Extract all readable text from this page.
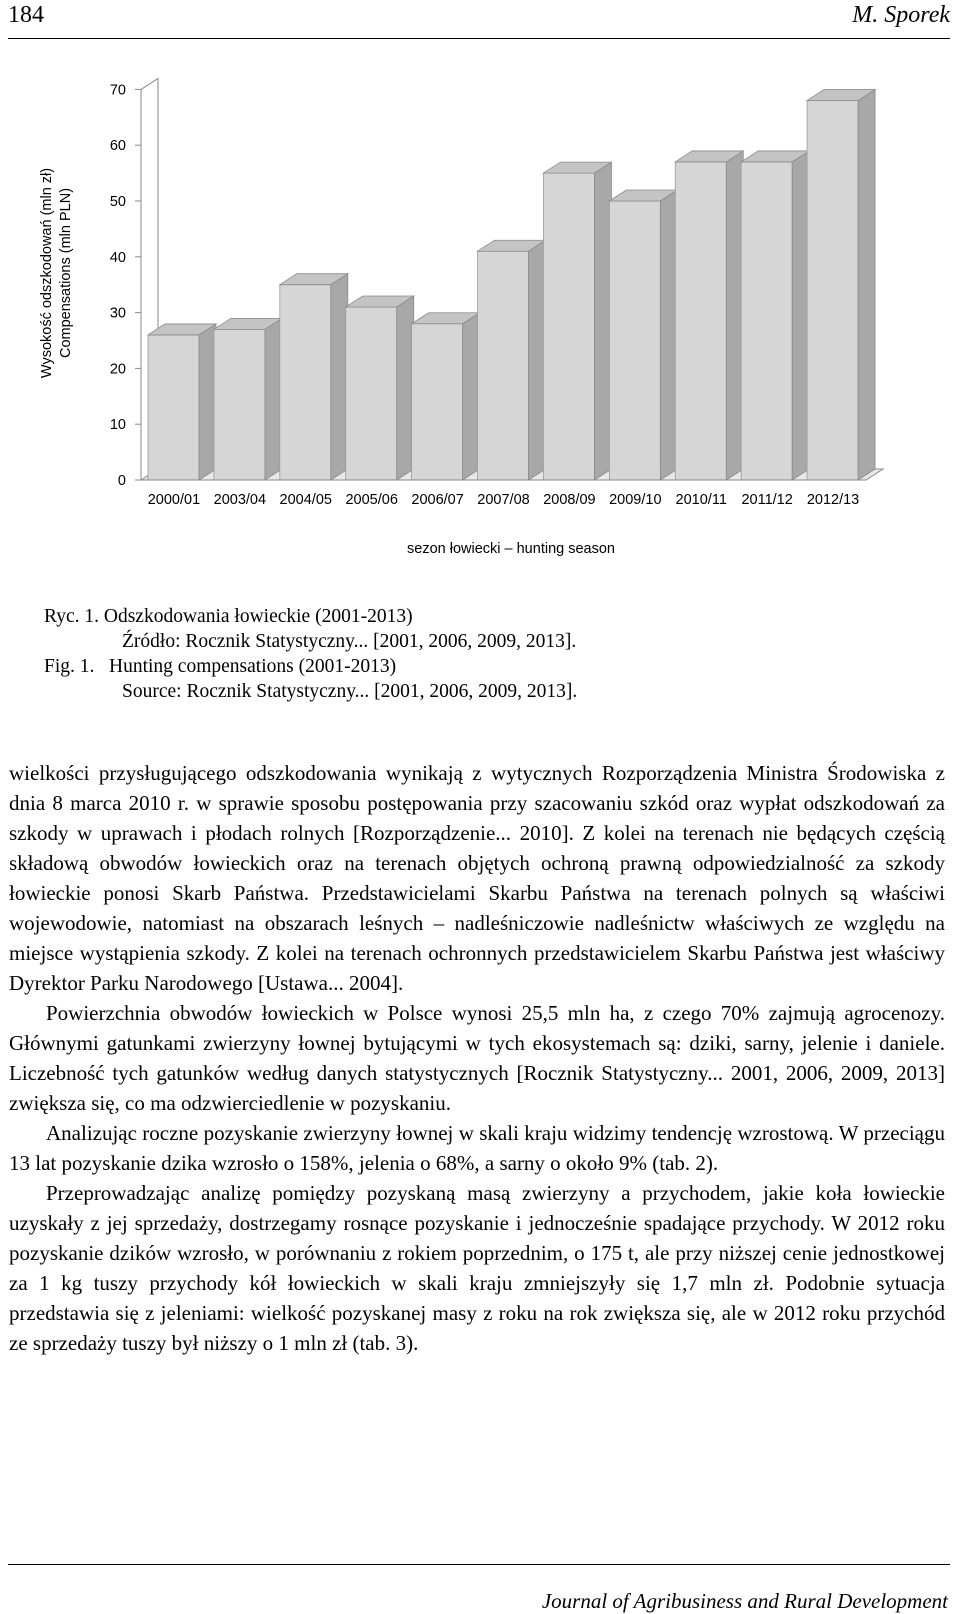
184	M. Sporek
0
10
20
30
40
50
60
70
2000/01 2003/04 2004/05 2005/06 2006/07 2007/08 2008/09 2009/10 2010/11 2011/12 2012/13
Wysokość odszkodowań (mln zł) Compensations (mln PLN)
sezon łowiecki – hunting season
Ryc. 1. Odszkodowania łowieckie (2001-2013)
Źródło: Rocznik Statystyczny... [2001, 2006, 2009, 2013].
Fig. 1. Hunting compensations (2001-2013)
Source: Rocznik Statystyczny... [2001, 2006, 2009, 2013].

wielkości przysługującego odszkodowania wynikają z wytycznych Rozporządzenia Ministra Środowiska z dnia 8 marca 2010 r. w sprawie sposobu postępowania przy szacowaniu szkód oraz wypłat odszkodowań za szkody w uprawach i płodach rolnych [Rozporządzenie... 2010]. Z kolei na terenach nie będących częścią składową obwodów łowieckich oraz na terenach objętych ochroną prawną odpowiedzialność za szkody łowieckie ponosi Skarb Państwa. Przedstawicielami Skarbu Państwa na terenach polnych są właściwi wojewodowie, natomiast na obszarach leśnych – nadleśniczowie nadleśnictw właściwych ze względu na miejsce wystąpienia szkody. Z kolei na terenach ochronnych przedstawicielem Skarbu Państwa jest właściwy Dyrektor Parku Narodowego [Ustawa... 2004].

Powierzchnia obwodów łowieckich w Polsce wynosi 25,5 mln ha, z czego 70% zajmują agrocenozy. Głównymi gatunkami zwierzyny łownej bytującymi w tych ekosystemach są: dziki, sarny, jelenie i daniele. Liczebność tych gatunków według danych statystycznych [Rocznik Statystyczny... 2001, 2006, 2009, 2013] zwiększa się, co ma odzwierciedlenie w pozyskaniu.

Analizując roczne pozyskanie zwierzyny łownej w skali kraju widzimy tendencję wzrostową. W przeciągu 13 lat pozyskanie dzika wzrosło o 158%, jelenia o 68%, a sarny o około 9% (tab. 2).

Przeprowadzając analizę pomiędzy pozyskaną masą zwierzyny a przychodem, jakie koła łowieckie uzyskały z jej sprzedaży, dostrzegamy rosnące pozyskanie i jednocześnie spadające przychody. W 2012 roku pozyskanie dzików wzrosło, w porównaniu z rokiem poprzednim, o 175 t, ale przy niższej cenie jednostkowej za 1 kg tuszy przychody kół łowieckich w skali kraju zmniejszyły się 1,7 mln zł. Podobnie sytuacja przedstawia się z jeleniami: wielkość pozyskanej masy z roku na rok zwiększa się, ale w 2012 roku przychód ze sprzedaży tuszy był niższy o 1 mln zł (tab. 3).

Journal of Agribusiness and Rural Development
